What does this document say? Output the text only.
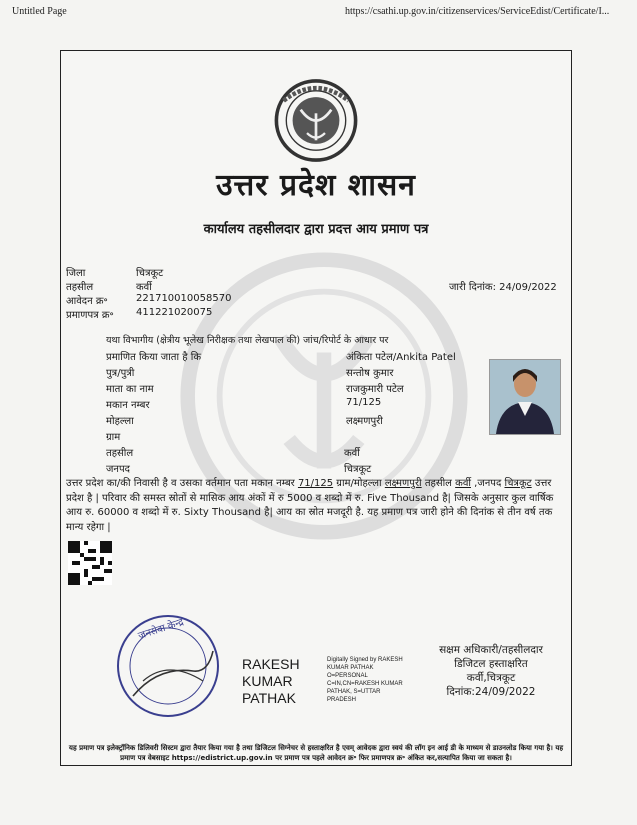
Untitled Page	https://csathi.up.gov.in/citizenservices/ServiceEdist/Certificate/I...
उत्तर प्रदेश शासन
कार्यालय तहसीलदार द्वारा प्रदत्त आय प्रमाण पत्र
जिला	चित्रकूट
तहसील	कर्वी
आवेदन क्र॰	221710010058570
प्रमाणपत्र क्र॰ 411221020075
जारी दिनांक: 24/09/2022
यथा विभागीय (क्षेत्रीय भूलेख निरीक्षक तथा लेखपाल की) जांच/रिपोर्ट के आधार पर
प्रमाणित किया जाता है कि	अंकिता पटेल/Ankita Patel
पुत्र/पुत्री	सन्तोष कुमार
माता का नाम	राजकुमारी पटेल
मकान नम्बर	71/125
मोहल्ला	लक्ष्मणपुरी
ग्राम
तहसील	कर्वी
जनपद	चित्रकूट
उत्तर प्रदेश का/की निवासी है व उसका वर्तमान पता मकान नम्बर 71/125 ग्राम/मोहल्ला लक्ष्मणपुरी तहसील कर्वी ,जनपद चित्रकूट उत्तर प्रदेश है | परिवार की समस्त स्रोतों से मासिक आय अंकों में रु 5000 व शब्दो में रु. Five Thousand है| जिसके अनुसार कुल वार्षिक आय रु. 60000 व शब्दो में रु. Sixty Thousand है| आय का स्रोत मजदूरी है. यह प्रमाण पत्र जारी होने की दिनांक से तीन वर्ष तक मान्य रहेगा |
जनसेवा केन्द्र
RAKESH
KUMAR
PATHAK
Digitally Signed by RAKESH
KUMAR PATHAK
O=PERSONAL
C=IN,CN=RAKESH KUMAR
PATHAK, S=UTTAR
PRADESH
सक्षम अधिकारी/तहसीलदार
डिजिटल हस्ताक्षरित
कर्वी,चित्रकूट
दिनांक:24/09/2022
यह प्रमाण पत्र इलेक्ट्रॉनिक डिलिवरी सिस्टम द्वारा तैयार किया गया है तथा डिजिटल सिग्नेचर से हस्ताक्षरित है एवम् आवेदक द्वारा स्वयं की लॉग इन आई डी के माध्यम से डाउनलोड किया गया है। यह प्रमाण पत्र वेबसाइट https://edistrict.up.gov.in पर प्रमाण पत्र पहले आवेदन क्र॰ फिर प्रमाणपत्र क्र॰ अंकित कर,सत्यापित किया जा सकता है।
